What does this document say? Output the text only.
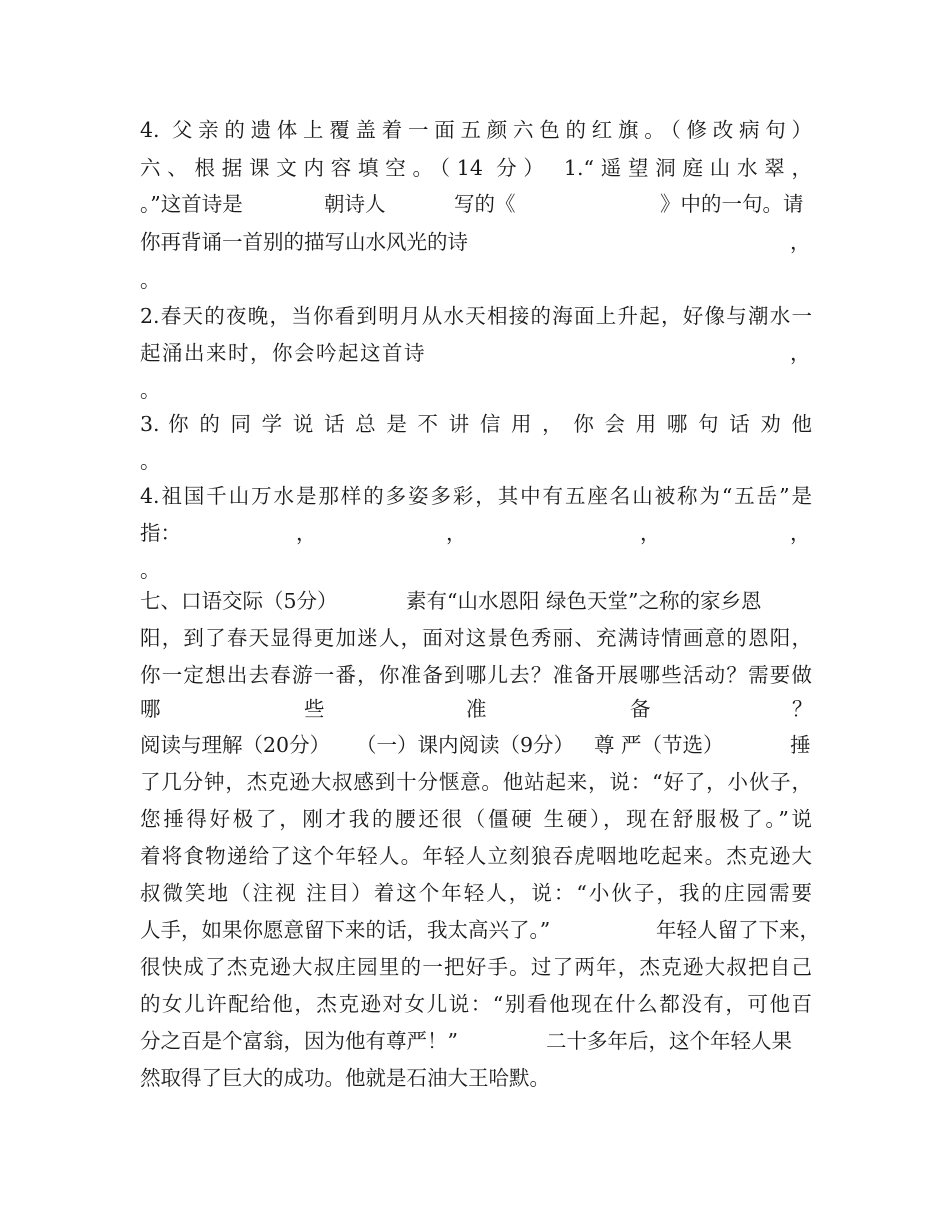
4. 父亲的遗体上覆盖着一面五颜六色的红旗。（修改病句）
六、根据课文内容填空。（14 分） 1.“遥望洞庭山水翠，
。”这首诗是	朝诗人	写的《	》中的一句。请
你再背诵一首别的描写山水风光的诗	，
。
2.春天的夜晚，当你看到明月从水天相接的海面上升起，好像与潮水一
起涌出来时，你会吟起这首诗	，
。
3. 你 的 同 学 说 话 总 是 不 讲 信 用 ， 你 会 用 哪 句 话 劝 他
。
4.祖国千山万水是那样的多姿多彩，其中有五座名山被称为“五岳”是
指：	，	，	，	，
。
七、口语交际（5分）	素有“山水恩阳 绿色天堂”之称的家乡恩
阳，到了春天显得更加迷人，面对这景色秀丽、充满诗情画意的恩阳，
你一定想出去春游一番，你准备到哪儿去？准备开展哪些活动？需要做
哪	些	准	备	？
阅读与理解（20分） （一）课内阅读（9分） 尊 严（节选）	捶
了几分钟，杰克逊大叔感到十分惬意。他站起来，说：“好了，小伙子，
您捶得好极了，刚才我的腰还很（僵硬 生硬），现在舒服极了。”说
着将食物递给了这个年轻人。年轻人立刻狼吞虎咽地吃起来。杰克逊大
叔微笑地（注视 注目）着这个年轻人，说：“小伙子，我的庄园需要
人手，如果你愿意留下来的话，我太高兴了。”	年轻人留了下来，
很快成了杰克逊大叔庄园里的一把好手。过了两年，杰克逊大叔把自己
的女儿许配给他，杰克逊对女儿说：“别看他现在什么都没有，可他百
分之百是个富翁，因为他有尊严！”	二十多年后，这个年轻人果
然取得了巨大的成功。他就是石油大王哈默。
